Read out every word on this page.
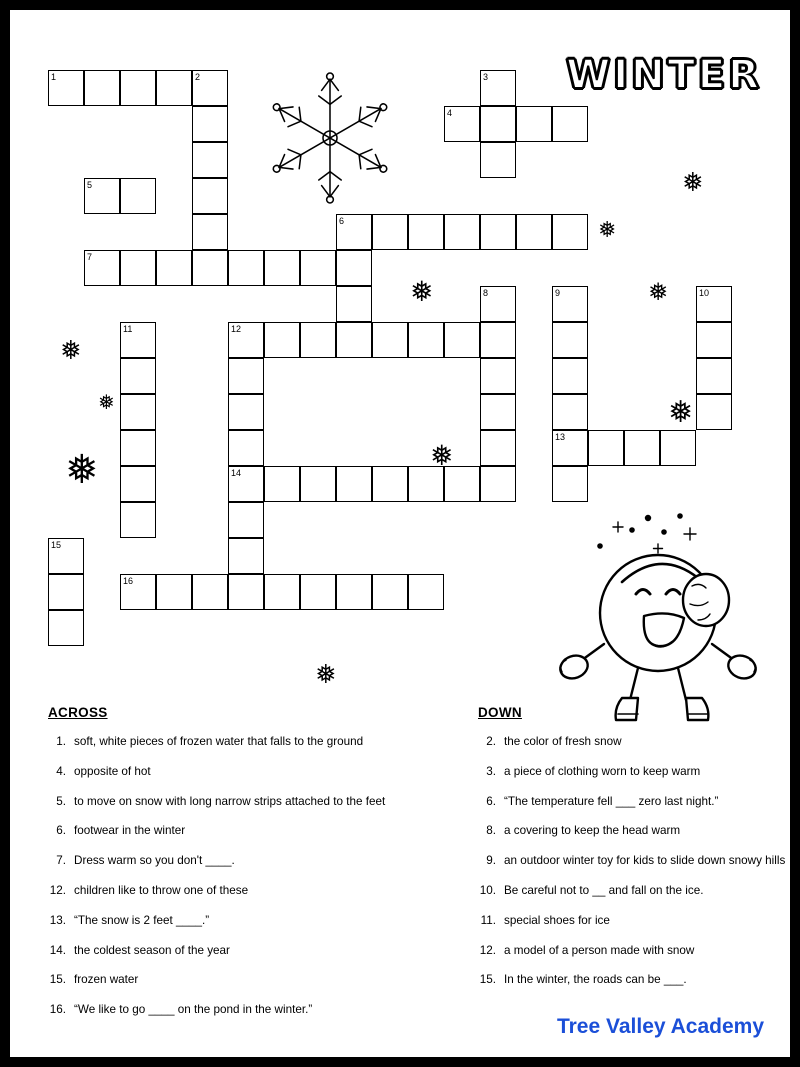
WINTER
1	2	3
4
5
6
7
8	9	10
11	12
13
14
15
16
❅
❅
❅	❅
❅
❅	❅
❅
❅
❅
ACROSS
1. soft, white pieces of frozen water that falls to the ground
4. opposite of hot
5. to move on snow with long narrow strips attached to the feet
6. footwear in the winter
7. Dress warm so you don't ____.
12. children like to throw one of these
13. “The snow is 2 feet ____.”
14. the coldest season of the year
15. frozen water
16. “We like to go ____ on the pond in the winter.”
DOWN
2. the color of fresh snow
3. a piece of clothing worn to keep warm
6. “The temperature fell ___ zero last night.”
8. a covering to keep the head warm
9. an outdoor winter toy for kids to slide down snowy hills
10. Be careful not to __ and fall on the ice.
11. special shoes for ice
12. a model of a person made with snow
15. In the winter, the roads can be ___.
Tree Valley Academy
